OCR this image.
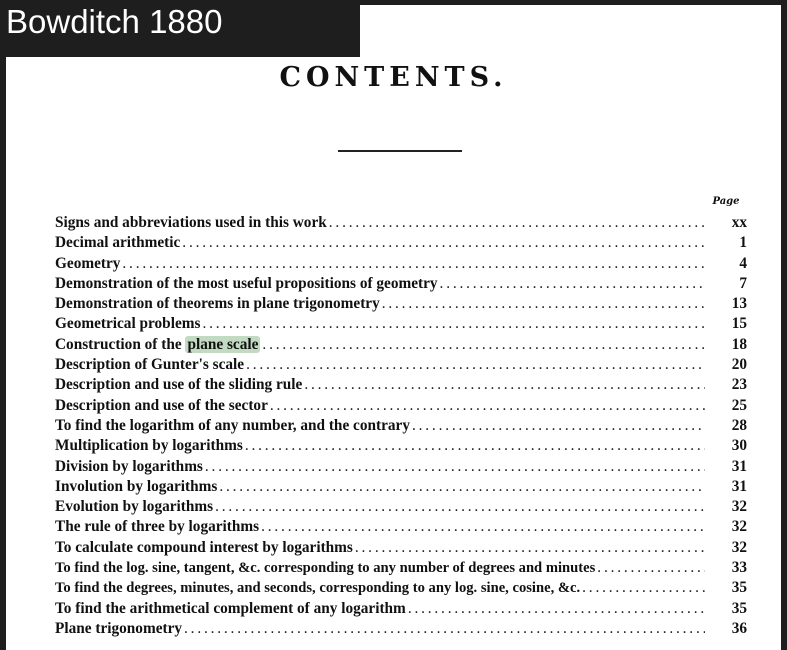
Bowditch 1880
CONTENTS.
Page
Signs and abbreviations used in this work . . .	xx
Decimal arithmetic . . .	1
Geometry . . .	4
Demonstration of the most useful propositions of geometry . . .	7
Demonstration of theorems in plane trigonometry . . .	13
Geometrical problems . . .	15
Construction of the plane scale . . .	18
Description of Gunter's scale . . .	20
Description and use of the sliding rule . . .	23
Description and use of the sector . . .	25
To find the logarithm of any number, and the contrary . . .	28
Multiplication by logarithms . . .	30
Division by logarithms . . .	31
Involution by logarithms . . .	31
Evolution by logarithms . . .	32
The rule of three by logarithms . . .	32
To calculate compound interest by logarithms . . .	32
To find the log. sine, tangent, &c. corresponding to any number of degrees and minutes . . .	33
To find the degrees, minutes, and seconds, corresponding to any log. sine, cosine, &c. . . .	35
To find the arithmetical complement of any logarithm . . .	35
Plane trigonometry . . .	36
